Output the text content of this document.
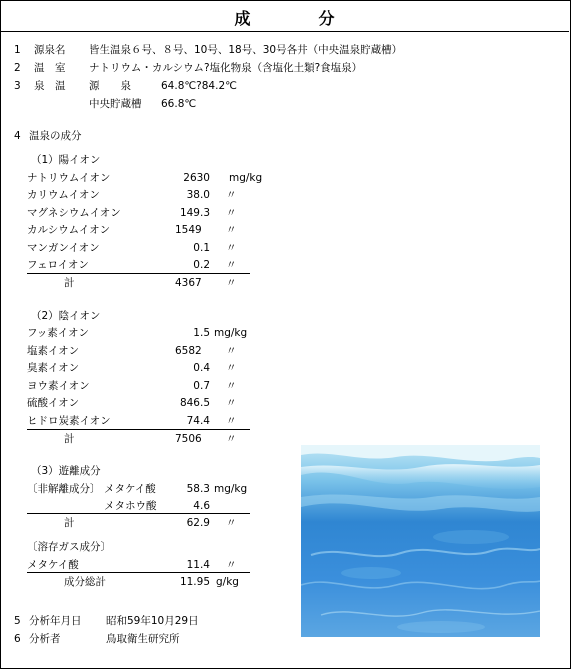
成　分
1 源泉名 皆生温泉６号、８号、10号、18号、30号各井（中央温泉貯蔵槽）
2 温　室 ナトリウム・カルシウム?塩化物泉（含塩化土類?食塩泉）
3 泉　温 源　　泉	64.8℃?84.2℃
中央貯蔵槽 66.8℃
4 温泉の成分
（1）陽イオン
ナトリウムイオン	2630 mg/kg
カリウムイオン	38.0 〃
マグネシウムイオン	149.3 〃
カルシウムイオン	1549 〃
マンガンイオン	0.1 〃
フェロイオン	0.2 〃
計	4367 〃
（2）陰イオン
フッ素イオン	1.5 mg/kg
塩素イオン	6582 〃
臭素イオン	0.4 〃
ヨウ素イオン	0.7 〃
硫酸イオン	846.5 〃
ヒドロ炭素イオン	74.4 〃
計	7506 〃
（3）遊離成分
〔非解離成分〕 メタケイ酸	58.3 mg/kg
メタホウ酸	4.6
計	62.9 〃
〔溶存ガス成分〕
メタケイ酸	11.4 〃
成分総計	11.95 g/kg
5 分析年月日 昭和59年10月29日
6 分析者	鳥取衛生研究所
